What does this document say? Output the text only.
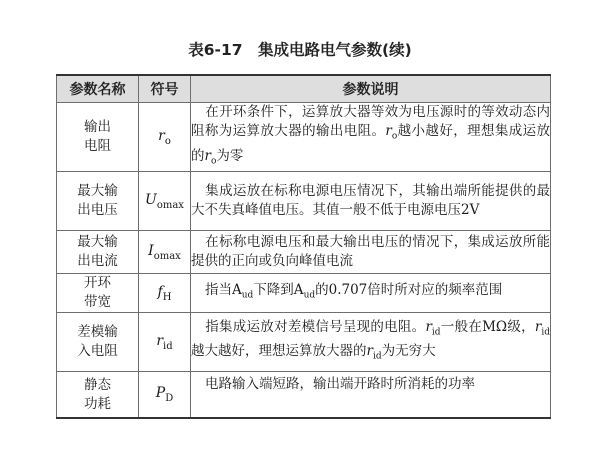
表6-17　集成电路电气参数(续)
参数名称	符号	参数说明
输出
电阻	$r_o$	在开环条件下，运算放大器等效为电压源时的等效动态内阻称为运算放大器的输出电阻。$r_o$越小越好，理想集成运放的$r_o$为零
最大输
出电压	$U_{omax}$	集成运放在标称电源电压情况下，其输出端所能提供的最大不失真峰值电压。其值一般不低于电源电压2V
最大输
出电流	$I_{omax}$	在标称电源电压和最大输出电压的情况下，集成运放所能提供的正向或负向峰值电流
开环
带宽	$f_H$	指当$A_{ud}$下降到$A_{ud}$的0.707倍时所对应的频率范围
差模输
入电阻	$r_{id}$	指集成运放对差模信号呈现的电阻。$r_{id}$一般在MΩ级，$r_{id}$越大越好，理想运算放大器的$r_{id}$为无穷大
静态
功耗	$P_D$	电路输入端短路，输出端开路时所消耗的功率
